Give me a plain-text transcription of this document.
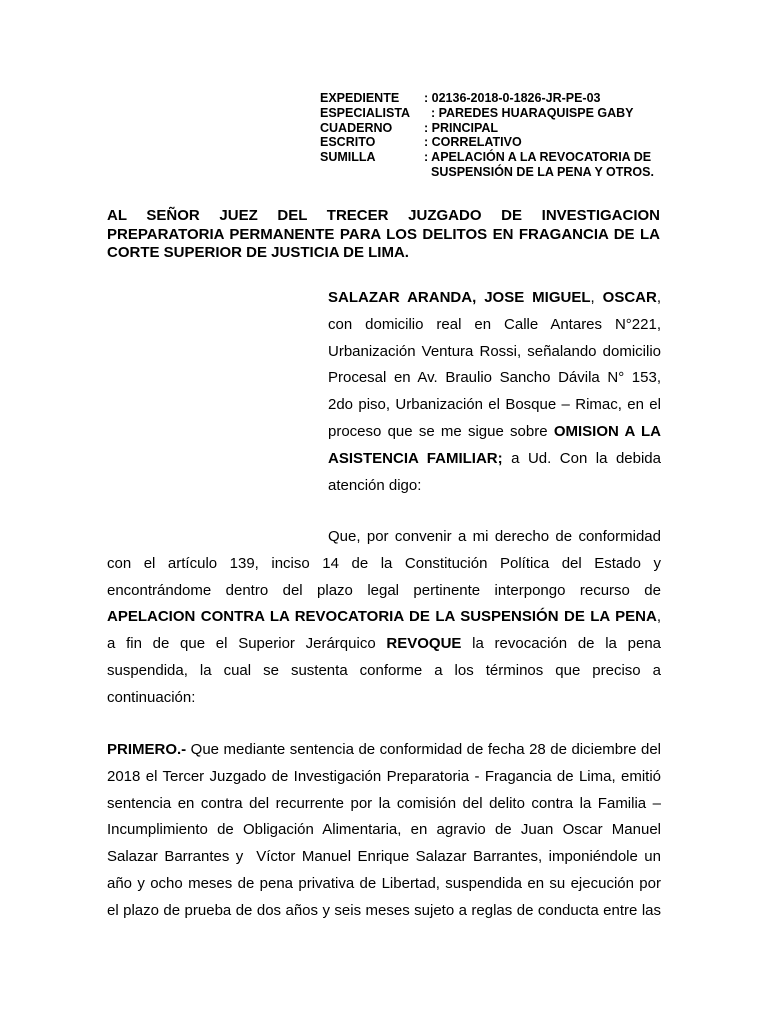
EXPEDIENTE	: 02136-2018-0-1826-JR-PE-03
ESPECIALISTA	: PAREDES HUARAQUISPE GABY
CUADERNO	: PRINCIPAL
ESCRITO	: CORRELATIVO
SUMILLA	: APELACIÓN A LA REVOCATORIA DE
SUSPENSIÓN DE LA PENA Y OTROS.
AL SEÑOR JUEZ DEL TRECER JUZGADO DE INVESTIGACION
PREPARATORIA PERMANENTE PARA LOS DELITOS EN FRAGANCIA DE LA
CORTE SUPERIOR DE JUSTICIA DE LIMA.
SALAZAR ARANDA, JOSE MIGUEL, OSCAR,
con domicilio real en Calle Antares N°221,
Urbanización Ventura Rossi, señalando domicilio
Procesal en Av. Braulio Sancho Dávila N° 153,
2do piso, Urbanización el Bosque – Rimac, en el
proceso que se me sigue sobre OMISION A LA
ASISTENCIA FAMILIAR; a Ud. Con la debida
atención digo:
Que, por convenir a mi derecho de conformidad
con el artículo 139, inciso 14 de la Constitución Política del Estado y
encontrándome dentro del plazo legal pertinente interpongo recurso de
APELACION CONTRA LA REVOCATORIA DE LA SUSPENSIÓN DE LA PENA,
a fin de que el Superior Jerárquico REVOQUE la revocación de la pena
suspendida, la cual se sustenta conforme a los términos que preciso a
continuación:
PRIMERO.- Que mediante sentencia de conformidad de fecha 28 de diciembre del
2018 el Tercer Juzgado de Investigación Preparatoria - Fragancia de Lima, emitió
sentencia en contra del recurrente por la comisión del delito contra la Familia –
Incumplimiento de Obligación Alimentaria, en agravio de Juan Oscar Manuel
Salazar Barrantes y  Víctor Manuel Enrique Salazar Barrantes, imponiéndole un
año y ocho meses de pena privativa de Libertad, suspendida en su ejecución por
el plazo de prueba de dos años y seis meses sujeto a reglas de conducta entre las
